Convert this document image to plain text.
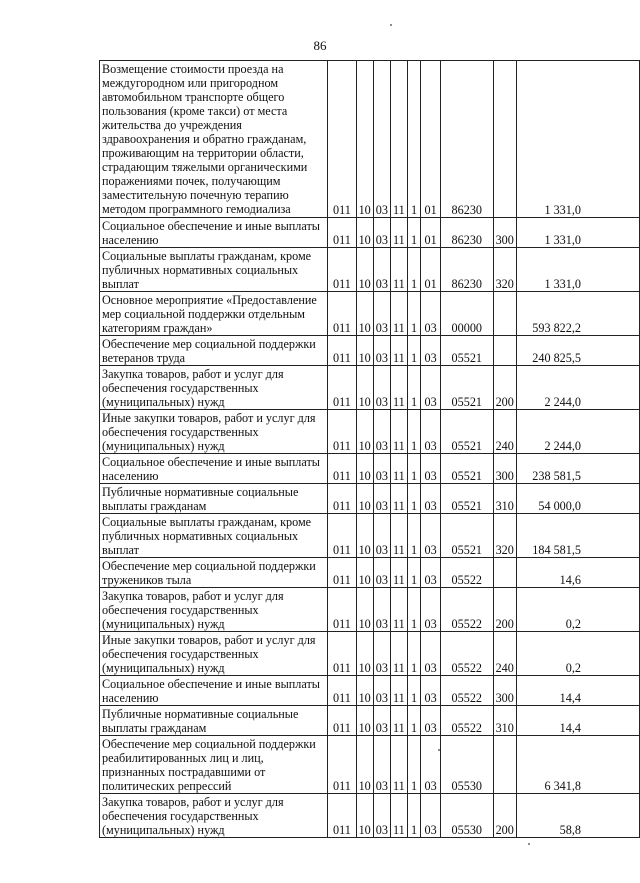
86
Возмещение стоимости проезда на междугородном или пригородном автомобильном транспорте общего пользования (кроме такси) от места жительства до учреждения здравоохранения и обратно гражданам, проживающим на территории области, страдающим тяжелыми органическими поражениями почек, получающим заместительную почечную терапию методом программного гемодиализа	011	10	03	11	1	01	86230		1 331,0
Социальное обеспечение и иные выплаты населению	011	10	03	11	1	01	86230	300	1 331,0
Социальные выплаты гражданам, кроме публичных нормативных социальных выплат	011	10	03	11	1	01	86230	320	1 331,0
Основное мероприятие «Предоставление мер социальной поддержки отдельным категориям граждан»	011	10	03	11	1	03	00000		593 822,2
Обеспечение мер социальной поддержки ветеранов труда	011	10	03	11	1	03	05521		240 825,5
Закупка товаров, работ и услуг для обеспечения государственных (муниципальных) нужд	011	10	03	11	1	03	05521	200	2 244,0
Иные закупки товаров, работ и услуг для обеспечения государственных (муниципальных) нужд	011	10	03	11	1	03	05521	240	2 244,0
Социальное обеспечение и иные выплаты населению	011	10	03	11	1	03	05521	300	238 581,5
Публичные нормативные социальные выплаты гражданам	011	10	03	11	1	03	05521	310	54 000,0
Социальные выплаты гражданам, кроме публичных нормативных социальных выплат	011	10	03	11	1	03	05521	320	184 581,5
Обеспечение мер социальной поддержки тружеников тыла	011	10	03	11	1	03	05522		14,6
Закупка товаров, работ и услуг для обеспечения государственных (муниципальных) нужд	011	10	03	11	1	03	05522	200	0,2
Иные закупки товаров, работ и услуг для обеспечения государственных (муниципальных) нужд	011	10	03	11	1	03	05522	240	0,2
Социальное обеспечение и иные выплаты населению	011	10	03	11	1	03	05522	300	14,4
Публичные нормативные социальные выплаты гражданам	011	10	03	11	1	03	05522	310	14,4
Обеспечение мер социальной поддержки реабилитированных лиц и лиц, признанных пострадавшими от политических репрессий	011	10	03	11	1	03	05530		6 341,8
Закупка товаров, работ и услуг для обеспечения государственных (муниципальных) нужд	011	10	03	11	1	03	05530	200	58,8
